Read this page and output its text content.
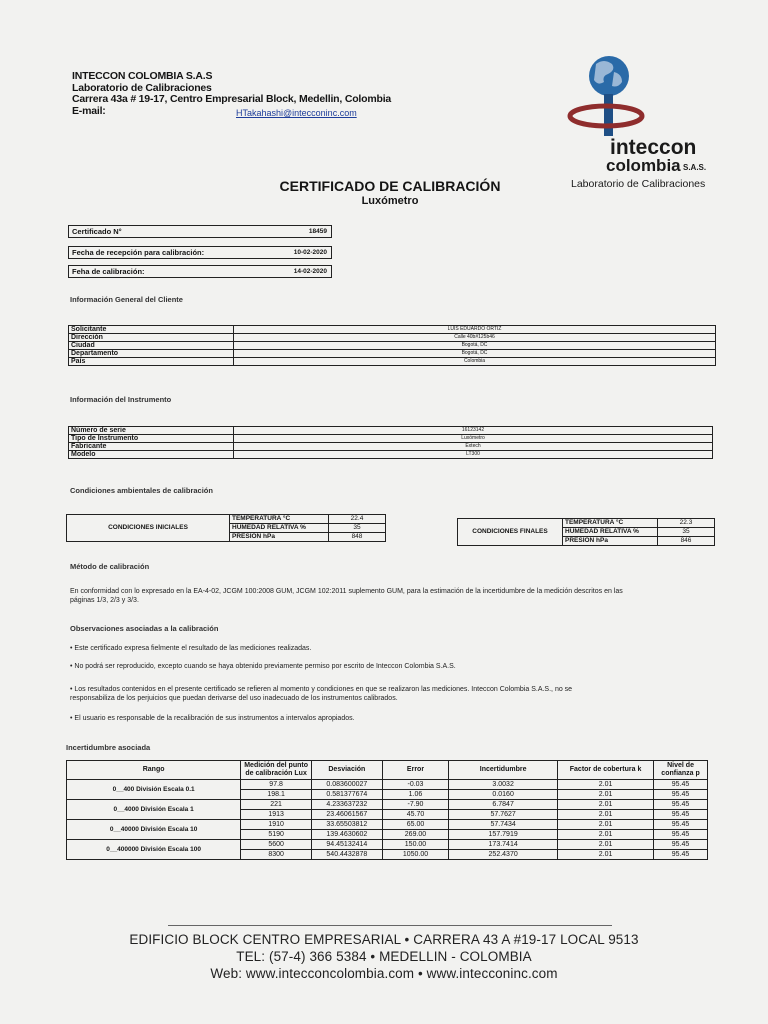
INTECCON COLOMBIA S.A.S
Laboratorio de Calibraciones
Carrera 43a # 19-17, Centro Empresarial Block, Medellin, Colombia
E-mail:	HTakahashi@intecconinc.com
inteccon
colombia S.A.S.
Laboratorio de Calibraciones
CERTIFICADO DE CALIBRACIÓN
Luxómetro
Certificado N°	18459
Fecha de recepción para calibración:	10-02-2020
Feha de calibración:	14-02-2020
Información General del Cliente
Solicitante	LUIS EDUARDO ORTIZ
Dirección	Calle 40b#125b46
Ciudad	Bogotá, DC
Departamento	Bogotá, DC
País	Colombia
Información del Instrumento
Número de serie	16123142
Tipo de Instrumento	Luxómetro
Fabricante	Extech
Modelo	LT300
Condiciones ambientales de calibración
CONDICIONES INICIALES	TEMPERATURA °C	22.4
	HUMEDAD RELATIVA %	35
	PRESIÓN hPa	848
CONDICIONES FINALES	TEMPERATURA °C	22.3
	HUMEDAD RELATIVA %	35
	PRESIÓN hPa	846
Método de calibración
En conformidad con lo expresado en la EA-4-02, JCGM 100:2008 GUM, JCGM 102:2011 suplemento GUM, para la estimación de la incertidumbre de la medición descritos en las páginas 1/3, 2/3 y 3/3.
Observaciones asociadas a la calibración
• Este certificado expresa fielmente el resultado de las mediciones realizadas.
• No podrá ser reproducido, excepto cuando se haya obtenido previamente permiso por escrito de Inteccon Colombia S.A.S.
• Los resultados contenidos en el presente certificado se refieren al momento y condiciones en que se realizaron las mediciones. Inteccon Colombia S.A.S., no se responsabiliza de los perjuicios que puedan derivarse del uso inadecuado de los instrumentos calibrados.
• El usuario es responsable de la recalibración de sus instrumentos a intervalos apropiados.
Incertidumbre asociada
Rango	Medición del punto de calibración Lux	Desviación	Error	Incertidumbre	Factor de cobertura k	Nivel de confianza p
0__400 División Escala 0.1	97.8	0.083600027	-0.03	3.0032	2.01	95.45
	198.1	0.581377674	1.06	0.0160	2.01	95.45
0__4000 División Escala 1	221	4.233637232	-7.90	6.7847	2.01	95.45
	1913	23.46061567	45.70	57.7627	2.01	95.45
0__40000 División Escala 10	1910	33.65503812	65.00	57.7434	2.01	95.45
	5190	139.4630602	269.00	157.7919	2.01	95.45
0__400000 División Escala 100	5600	94.45132414	150.00	173.7414	2.01	95.45
	8300	540.4432878	1050.00	252.4370	2.01	95.45
EDIFICIO BLOCK CENTRO EMPRESARIAL • CARRERA 43 A #19-17 LOCAL 9513
TEL: (57-4) 366 5384 • MEDELLIN - COLOMBIA
Web: www.intecconcolombia.com • www.intecconinc.com
